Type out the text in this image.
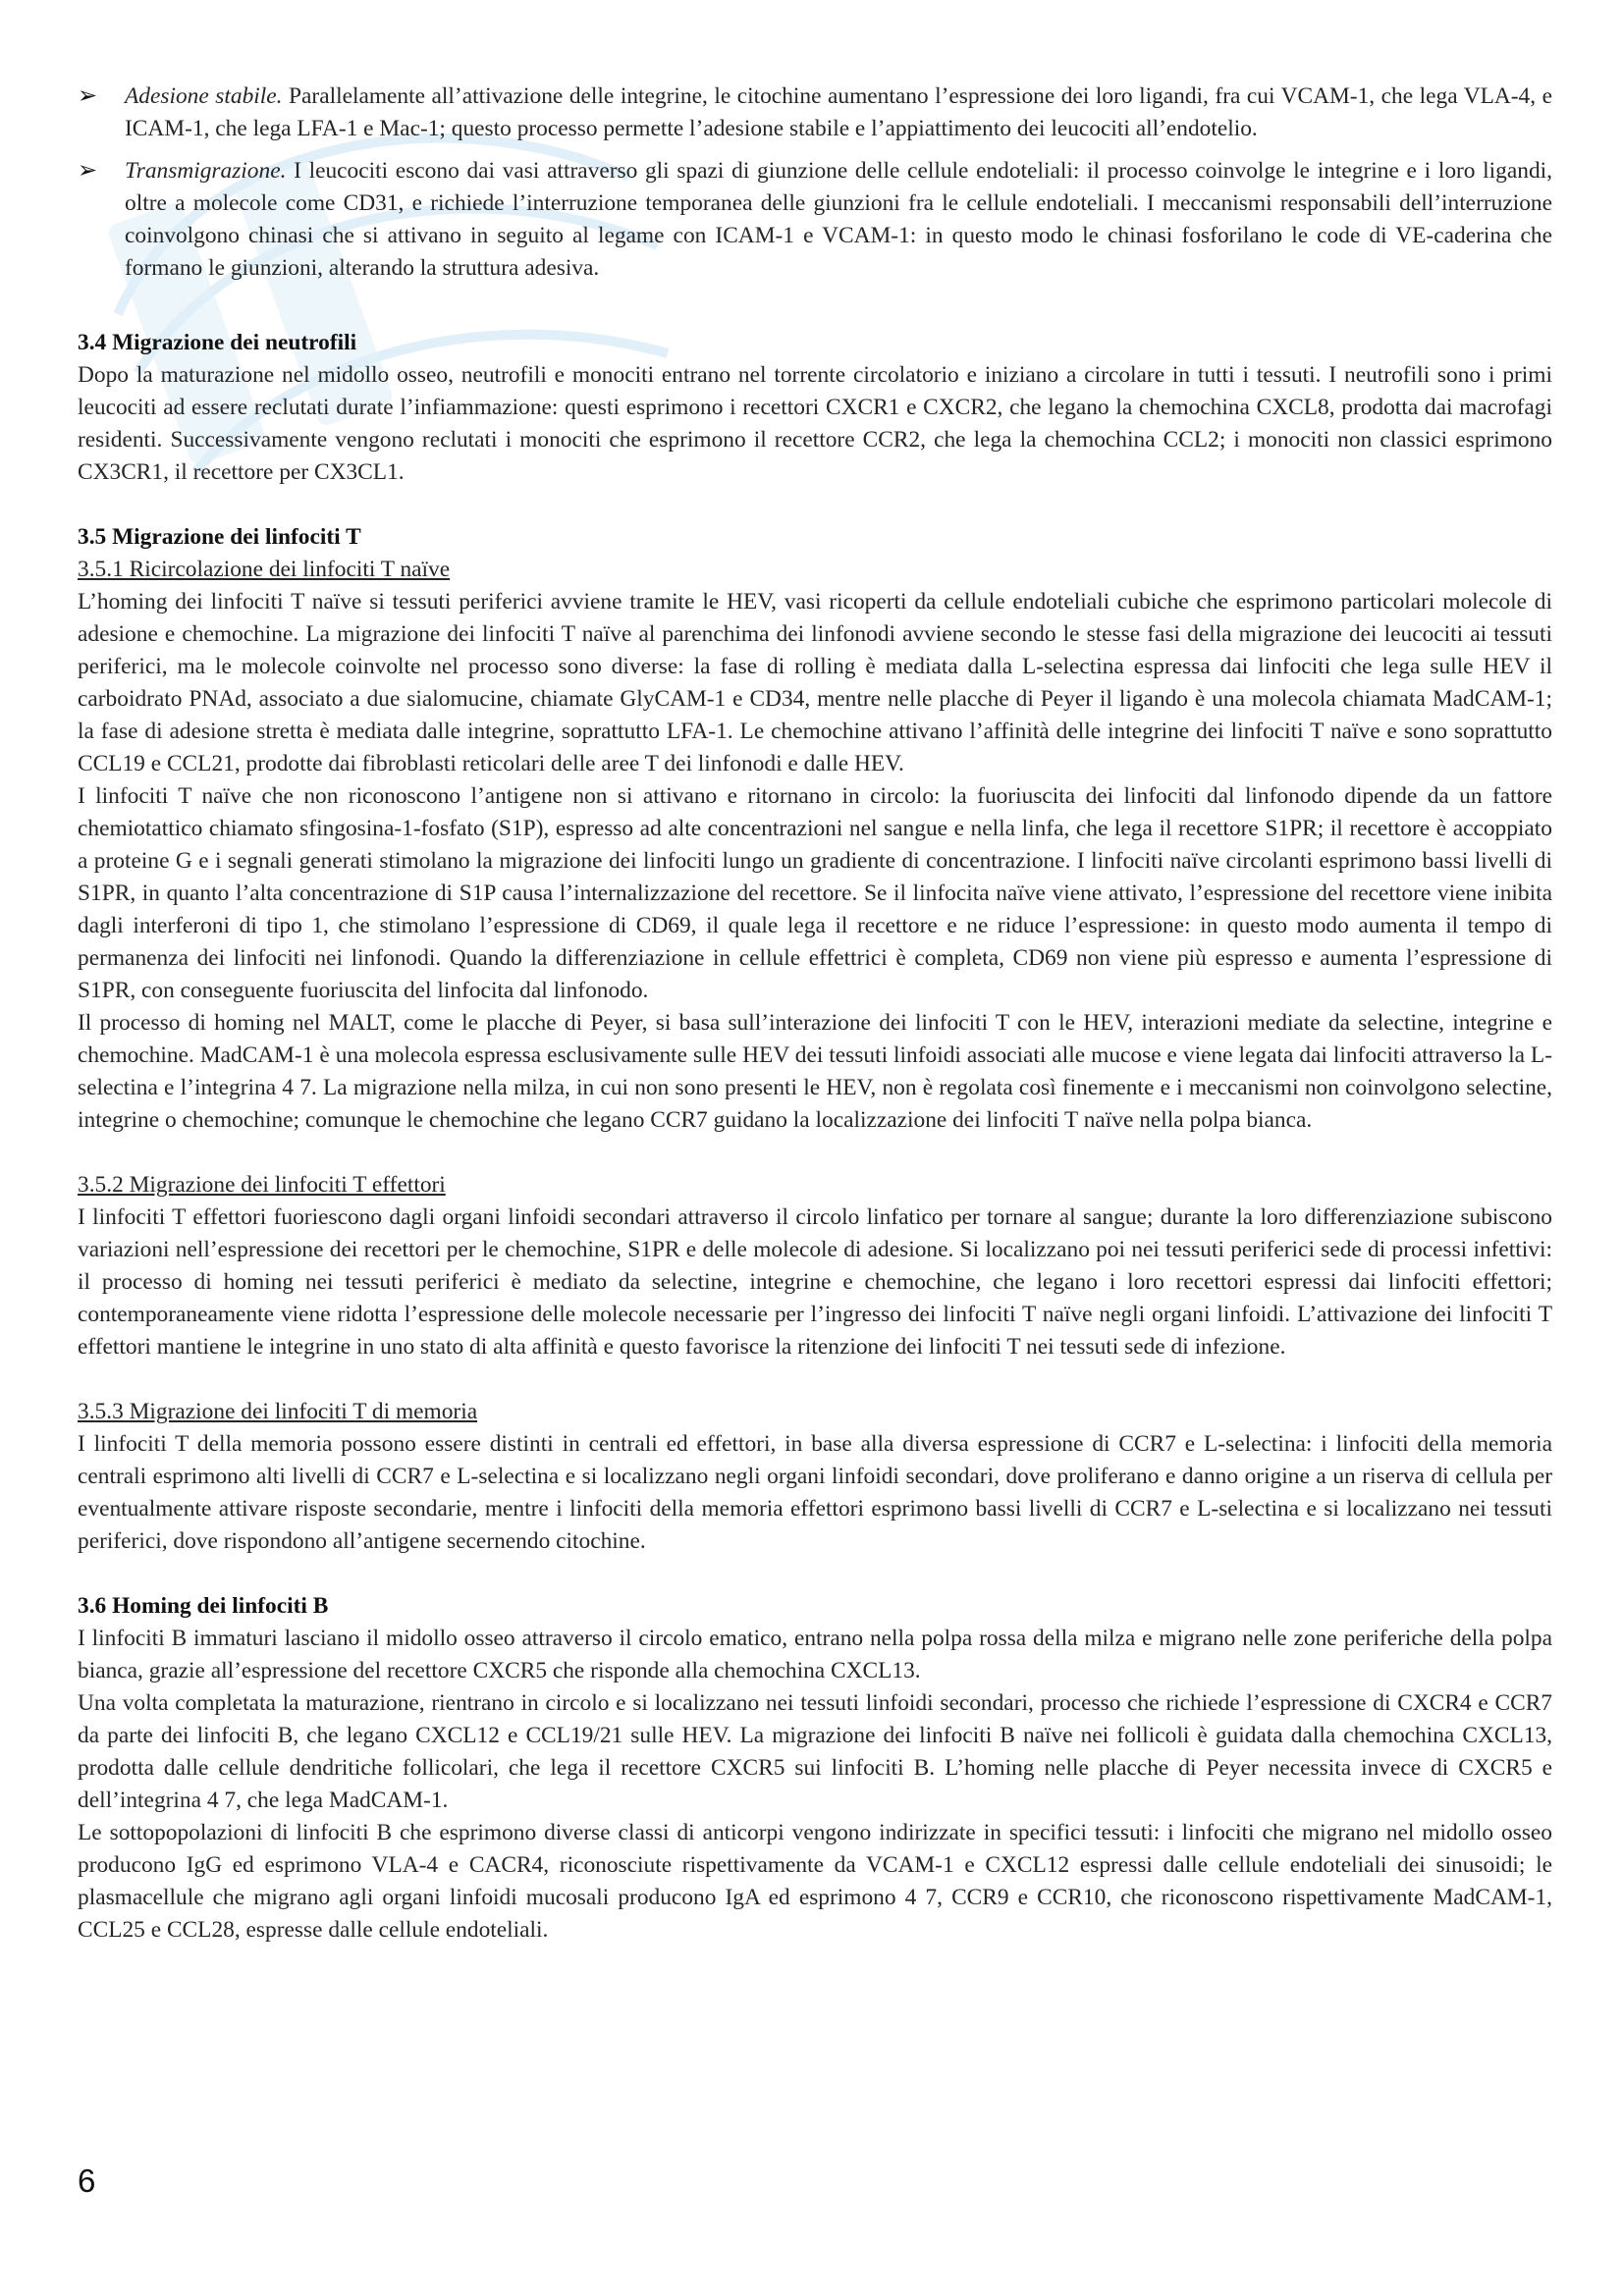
➢	Adesione stabile. Parallelamente all’attivazione delle integrine, le citochine aumentano l’espressione dei loro ligandi, fra cui VCAM-1, che lega VLA-4, e ICAM-1, che lega LFA-1 e Mac-1; questo processo permette l’adesione stabile e l’appiattimento dei leucociti all’endotelio.
➢	Transmigrazione. I leucociti escono dai vasi attraverso gli spazi di giunzione delle cellule endoteliali: il processo coinvolge le integrine e i loro ligandi, oltre a molecole come CD31, e richiede l’interruzione temporanea delle giunzioni fra le cellule endoteliali. I meccanismi responsabili dell’interruzione coinvolgono chinasi che si attivano in seguito al legame con ICAM-1 e VCAM-1: in questo modo le chinasi fosforilano le code di VE-caderina che formano le giunzioni, alterando la struttura adesiva.
3.4 Migrazione dei neutrofili

Dopo la maturazione nel midollo osseo, neutrofili e monociti entrano nel torrente circolatorio e iniziano a circolare in tutti i tessuti. I neutrofili sono i primi leucociti ad essere reclutati durate l’infiammazione: questi esprimono i recettori CXCR1 e CXCR2, che legano la chemochina CXCL8, prodotta dai macrofagi residenti. Successivamente vengono reclutati i monociti che esprimono il recettore CCR2, che lega la chemochina CCL2; i monociti non classici esprimono CX3CR1, il recettore per CX3CL1.

3.5 Migrazione dei linfociti T
3.5.1 Ricircolazione dei linfociti T naïve

L’homing dei linfociti T naïve si tessuti periferici avviene tramite le HEV, vasi ricoperti da cellule endoteliali cubiche che esprimono particolari molecole di adesione e chemochine. La migrazione dei linfociti T naïve al parenchima dei linfonodi avviene secondo le stesse fasi della migrazione dei leucociti ai tessuti periferici, ma le molecole coinvolte nel processo sono diverse: la fase di rolling è mediata dalla L-selectina espressa dai linfociti che lega sulle HEV il carboidrato PNAd, associato a due sialomucine, chiamate GlyCAM-1 e CD34, mentre nelle placche di Peyer il ligando è una molecola chiamata MadCAM-1; la fase di adesione stretta è mediata dalle integrine, soprattutto LFA-1. Le chemochine attivano l’affinità delle integrine dei linfociti T naïve e sono soprattutto CCL19 e CCL21, prodotte dai fibroblasti reticolari delle aree T dei linfonodi e dalle HEV.

I linfociti T naïve che non riconoscono l’antigene non si attivano e ritornano in circolo: la fuoriuscita dei linfociti dal linfonodo dipende da un fattore chemiotattico chiamato sfingosina-1-fosfato (S1P), espresso ad alte concentrazioni nel sangue e nella linfa, che lega il recettore S1PR; il recettore è accoppiato a proteine G e i segnali generati stimolano la migrazione dei linfociti lungo un gradiente di concentrazione. I linfociti naïve circolanti esprimono bassi livelli di S1PR, in quanto l’alta concentrazione di S1P causa l’internalizzazione del recettore. Se il linfocita naïve viene attivato, l’espressione del recettore viene inibita dagli interferoni di tipo 1, che stimolano l’espressione di CD69, il quale lega il recettore e ne riduce l’espressione: in questo modo aumenta il tempo di permanenza dei linfociti nei linfonodi. Quando la differenziazione in cellule effettrici è completa, CD69 non viene più espresso e aumenta l’espressione di S1PR, con conseguente fuoriuscita del linfocita dal linfonodo.

Il processo di homing nel MALT, come le placche di Peyer, si basa sull’interazione dei linfociti T con le HEV, interazioni mediate da selectine, integrine e chemochine. MadCAM-1 è una molecola espressa esclusivamente sulle HEV dei tessuti linfoidi associati alle mucose e viene legata dai linfociti attraverso la L-selectina e l’integrina 4 7. La migrazione nella milza, in cui non sono presenti le HEV, non è regolata così finemente e i meccanismi non coinvolgono selectine, integrine o chemochine; comunque le chemochine che legano CCR7 guidano la localizzazione dei linfociti T naïve nella polpa bianca.

3.5.2 Migrazione dei linfociti T effettori

I linfociti T effettori fuoriescono dagli organi linfoidi secondari attraverso il circolo linfatico per tornare al sangue; durante la loro differenziazione subiscono variazioni nell’espressione dei recettori per le chemochine, S1PR e delle molecole di adesione. Si localizzano poi nei tessuti periferici sede di processi infettivi: il processo di homing nei tessuti periferici è mediato da selectine, integrine e chemochine, che legano i loro recettori espressi dai linfociti effettori; contemporaneamente viene ridotta l’espressione delle molecole necessarie per l’ingresso dei linfociti T naïve negli organi linfoidi. L’attivazione dei linfociti T effettori mantiene le integrine in uno stato di alta affinità e questo favorisce la ritenzione dei linfociti T nei tessuti sede di infezione.

3.5.3 Migrazione dei linfociti T di memoria

I linfociti T della memoria possono essere distinti in centrali ed effettori, in base alla diversa espressione di CCR7 e L-selectina: i linfociti della memoria centrali esprimono alti livelli di CCR7 e L-selectina e si localizzano negli organi linfoidi secondari, dove proliferano e danno origine a un riserva di cellula per eventualmente attivare risposte secondarie, mentre i linfociti della memoria effettori esprimono bassi livelli di CCR7 e L-selectina e si localizzano nei tessuti periferici, dove rispondono all’antigene secernendo citochine.

3.6 Homing dei linfociti B

I linfociti B immaturi lasciano il midollo osseo attraverso il circolo ematico, entrano nella polpa rossa della milza e migrano nelle zone periferiche della polpa bianca, grazie all’espressione del recettore CXCR5 che risponde alla chemochina CXCL13.

Una volta completata la maturazione, rientrano in circolo e si localizzano nei tessuti linfoidi secondari, processo che richiede l’espressione di CXCR4 e CCR7 da parte dei linfociti B, che legano CXCL12 e CCL19/21 sulle HEV. La migrazione dei linfociti B naïve nei follicoli è guidata dalla chemochina CXCL13, prodotta dalle cellule dendritiche follicolari, che lega il recettore CXCR5 sui linfociti B. L’homing nelle placche di Peyer necessita invece di CXCR5 e dell’integrina 4 7, che lega MadCAM-1.

Le sottopopolazioni di linfociti B che esprimono diverse classi di anticorpi vengono indirizzate in specifici tessuti: i linfociti che migrano nel midollo osseo producono IgG ed esprimono VLA-4 e CACR4, riconosciute rispettivamente da VCAM-1 e CXCL12 espressi dalle cellule endoteliali dei sinusoidi; le plasmacellule che migrano agli organi linfoidi mucosali producono IgA ed esprimono 4 7, CCR9 e CCR10, che riconoscono rispettivamente MadCAM-1, CCL25 e CCL28, espresse dalle cellule endoteliali.

6
